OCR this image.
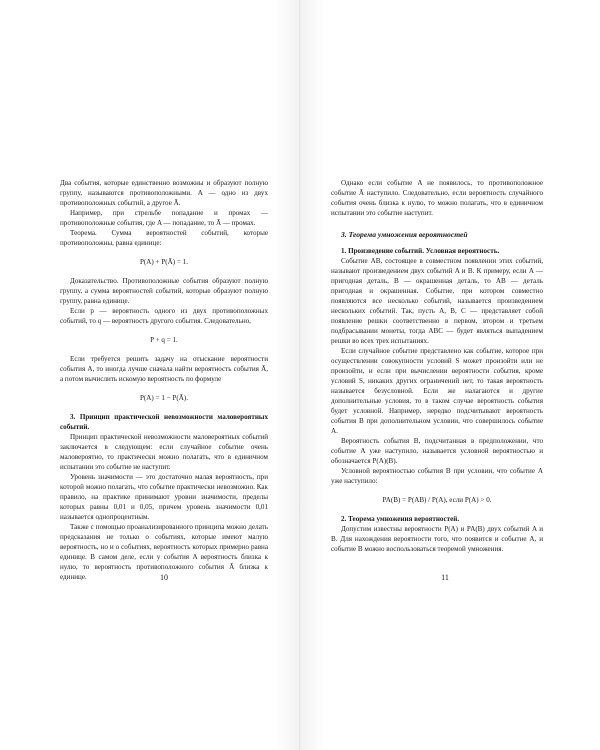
Два события, которые единственно возможны и образуют полную группу, называются противоположными. A — одно из двух противоположных событий, а другое Ā.

Например, при стрельбе попадание и промах — противоположные события, где A — попадание, то Ā — промах.

Теорема. Сумма вероятностей событий, которые противоположны, равна единице:

P(A) + P(Ā) = 1.

Доказательство. Противоположные события образуют полную группу, а сумма вероятностей событий, которые образуют полную группу, равна единице.

Если p — вероятность одного из двух противоположных событий, то q — вероятность другого события. Следовательно,

P + q = 1.

Если требуется решить задачу на отыскание вероятности события A, то иногда лучше сначала найти вероятность события Ā, а потом вычислить искомую вероятность по формуле

P(A) = 1 − P(Ā).

3. Принцип практической невозможности маловероятных событий.

Принцип практической невозможности маловероятных событий заключается в следующем: если случайное событие очень маловероятно, то практически можно полагать, что в единичном испытании это событие не наступит.

Уровень значимости — это достаточно малая вероятность, при которой можно полагать, что событие практически невозможно. Как правило, на практике принимают уровни значимости, пределы которых равны 0,01 и 0,05, причем уровень значимости 0,01 называется однопроцентным.

Также с помощью проанализированного принципа можно делать предсказания не только о событиях, которые имеют малую вероятность, но и о событиях, вероятность которых примерно равна единице. В самом деле, если у события A вероятность близка к нулю, то вероятность противоположного события Ā близка к единице.	10

Однако если событие A не появилось, то противоположное событие Ā наступило. Следовательно, если вероятность случайного события очень близка к нулю, то можно полагать, что в единичном испытании это событие наступит.

3. Теорема умножения вероятностей

1. Произведение событий. Условная вероятность.

Событие AB, состоящее в совместном появлении этих событий, называют произведением двух событий A и B. К примеру, если A — пригодная деталь, B — окрашенная деталь, то AB — деталь пригодная и окрашенная. Событие, при котором совместно появляются все несколько событий, называется произведением нескольких событий. Так, пусть A, B, C — представляет собой появление решки соответственно в первом, втором и третьем подбрасывании монеты, тогда ABC — будет являться выпадением решки во всех трех испытаниях.

Если случайное событие представлено как событие, которое при осуществлении совокупности условий S может произойти или не произойти, и если при вычислении вероятности события, кроме условий S, никаких других ограничений нет, то такая вероятность называется безусловной. Если же налагаются и другие дополнительные условия, то в таком случае вероятность события будет условной. Например, нередко подсчитывают вероятность события B при дополнительном условии, что совершилось событие A.

Вероятность события B, подсчитанная в предположении, что событие A уже наступило, называется условной вероятностью и обозначается P(A)(B).

Условной вероятностью события B при условии, что событие A уже наступило:

PA(B) = P(AB) / P(A), если P(A) > 0.

2. Теорема умножения вероятностей.

Допустим известны вероятности P(A) и PA(B) двух событий A и B. Для нахождения вероятности того, что появится и событие A, и событие B можно воспользоваться теоремой умножения.

11
